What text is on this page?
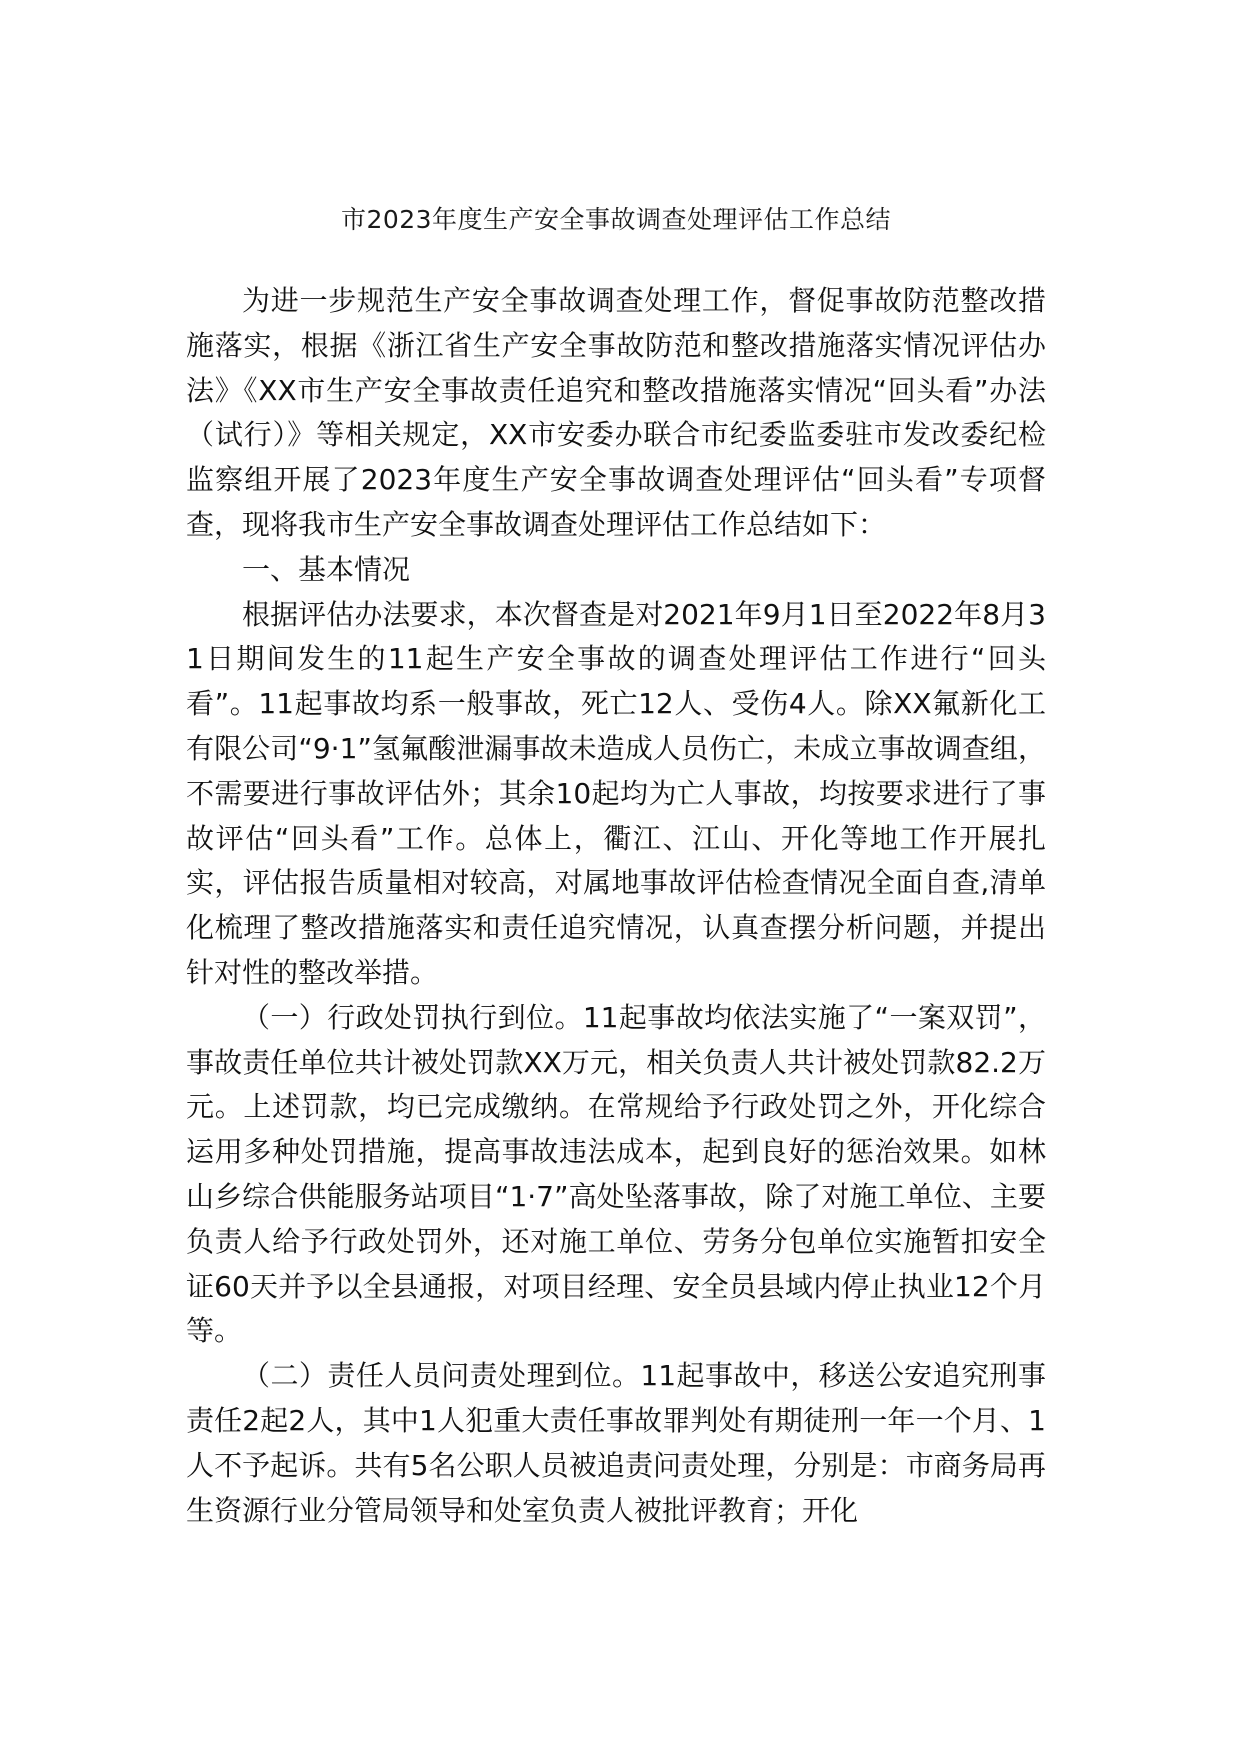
市2023年度生产安全事故调查处理评估工作总结

为进一步规范生产安全事故调查处理工作，督促事故防范整改措施落实，根据《浙江省生产安全事故防范和整改措施落实情况评估办法》《XX市生产安全事故责任追究和整改措施落实情况“回头看”办法（试行）》等相关规定，XX市安委办联合市纪委监委驻市发改委纪检监察组开展了2023年度生产安全事故调查处理评估“回头看”专项督查，现将我市生产安全事故调查处理评估工作总结如下：

一、基本情况

根据评估办法要求，本次督查是对2021年9月1日至2022年8月31日期间发生的11起生产安全事故的调查处理评估工作进行“回头看”。11起事故均系一般事故，死亡12人、受伤4人。除XX氟新化工有限公司“9·1”氢氟酸泄漏事故未造成人员伤亡，未成立事故调查组，不需要进行事故评估外；其余10起均为亡人事故，均按要求进行了事故评估“回头看”工作。总体上，衢江、江山、开化等地工作开展扎实，评估报告质量相对较高，对属地事故评估检查情况全面自查,清单化梳理了整改措施落实和责任追究情况，认真查摆分析问题，并提出针对性的整改举措。

（一）行政处罚执行到位。11起事故均依法实施了“一案双罚”，事故责任单位共计被处罚款XX万元，相关负责人共计被处罚款82.2万元。上述罚款，均已完成缴纳。在常规给予行政处罚之外，开化综合运用多种处罚措施，提高事故违法成本，起到良好的惩治效果。如林山乡综合供能服务站项目“1·7”高处坠落事故，除了对施工单位、主要负责人给予行政处罚外，还对施工单位、劳务分包单位实施暂扣安全证60天并予以全县通报，对项目经理、安全员县域内停止执业12个月等。

（二）责任人员问责处理到位。11起事故中，移送公安追究刑事责任2起2人，其中1人犯重大责任事故罪判处有期徒刑一年一个月、1人不予起诉。共有5名公职人员被追责问责处理，分别是：市商务局再生资源行业分管局领导和处室负责人被批评教育；开化
